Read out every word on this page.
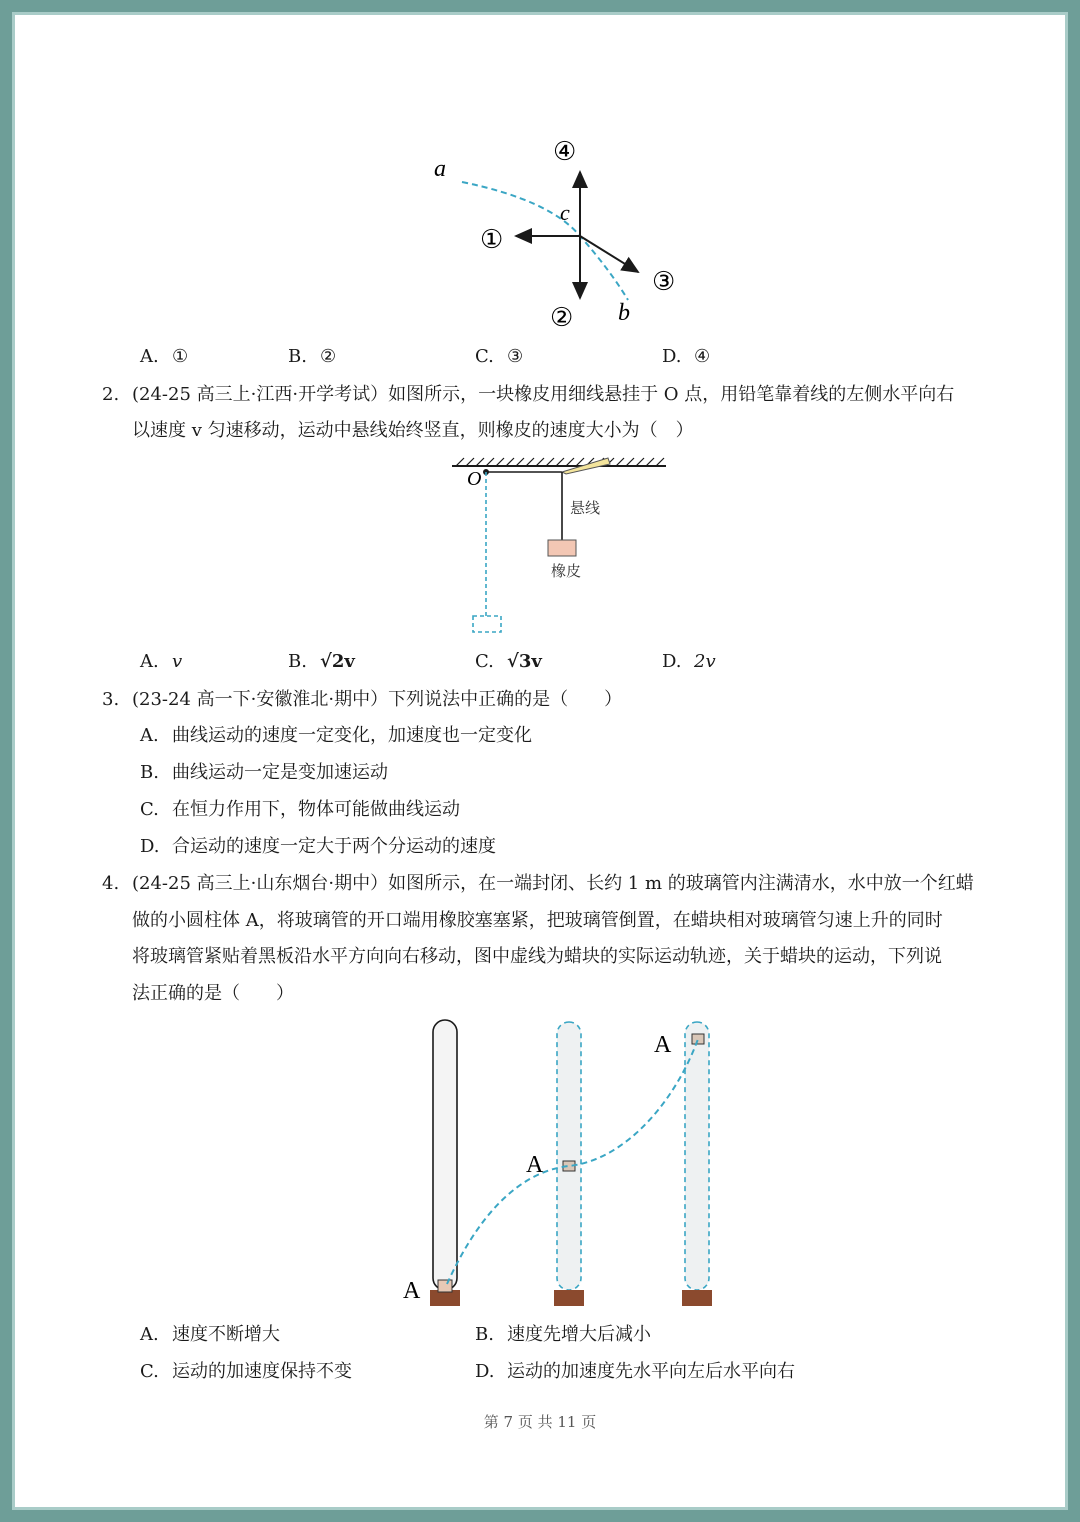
a
c
b
④
①
③
②
A. ①	B. ②	C. ③	D. ④
2. (24-25 高三上·江西·开学考试）如图所示，一块橡皮用细线悬挂于 O 点，用铅笔靠着线的左侧水平向右
以速度 v 匀速移动，运动中悬线始终竖直，则橡皮的速度大小为（　）
O
悬线
橡皮
A. v	B. √2v	C. √3v	D. 2v
3. (23-24 高一下·安徽淮北·期中）下列说法中正确的是（　　）
A. 曲线运动的速度一定变化，加速度也一定变化
B. 曲线运动一定是变加速运动
C. 在恒力作用下，物体可能做曲线运动
D. 合运动的速度一定大于两个分运动的速度
4. (24-25 高三上·山东烟台·期中）如图所示，在一端封闭、长约 1 m 的玻璃管内注满清水，水中放一个红蜡
做的小圆柱体 A，将玻璃管的开口端用橡胶塞塞紧，把玻璃管倒置，在蜡块相对玻璃管匀速上升的同时
将玻璃管紧贴着黑板沿水平方向向右移动，图中虚线为蜡块的实际运动轨迹，关于蜡块的运动，下列说
法正确的是（　　）
A
A
A
A. 速度不断增大	B. 速度先增大后减小
C. 运动的加速度保持不变	D. 运动的加速度先水平向左后水平向右
第 7 页 共 11 页
